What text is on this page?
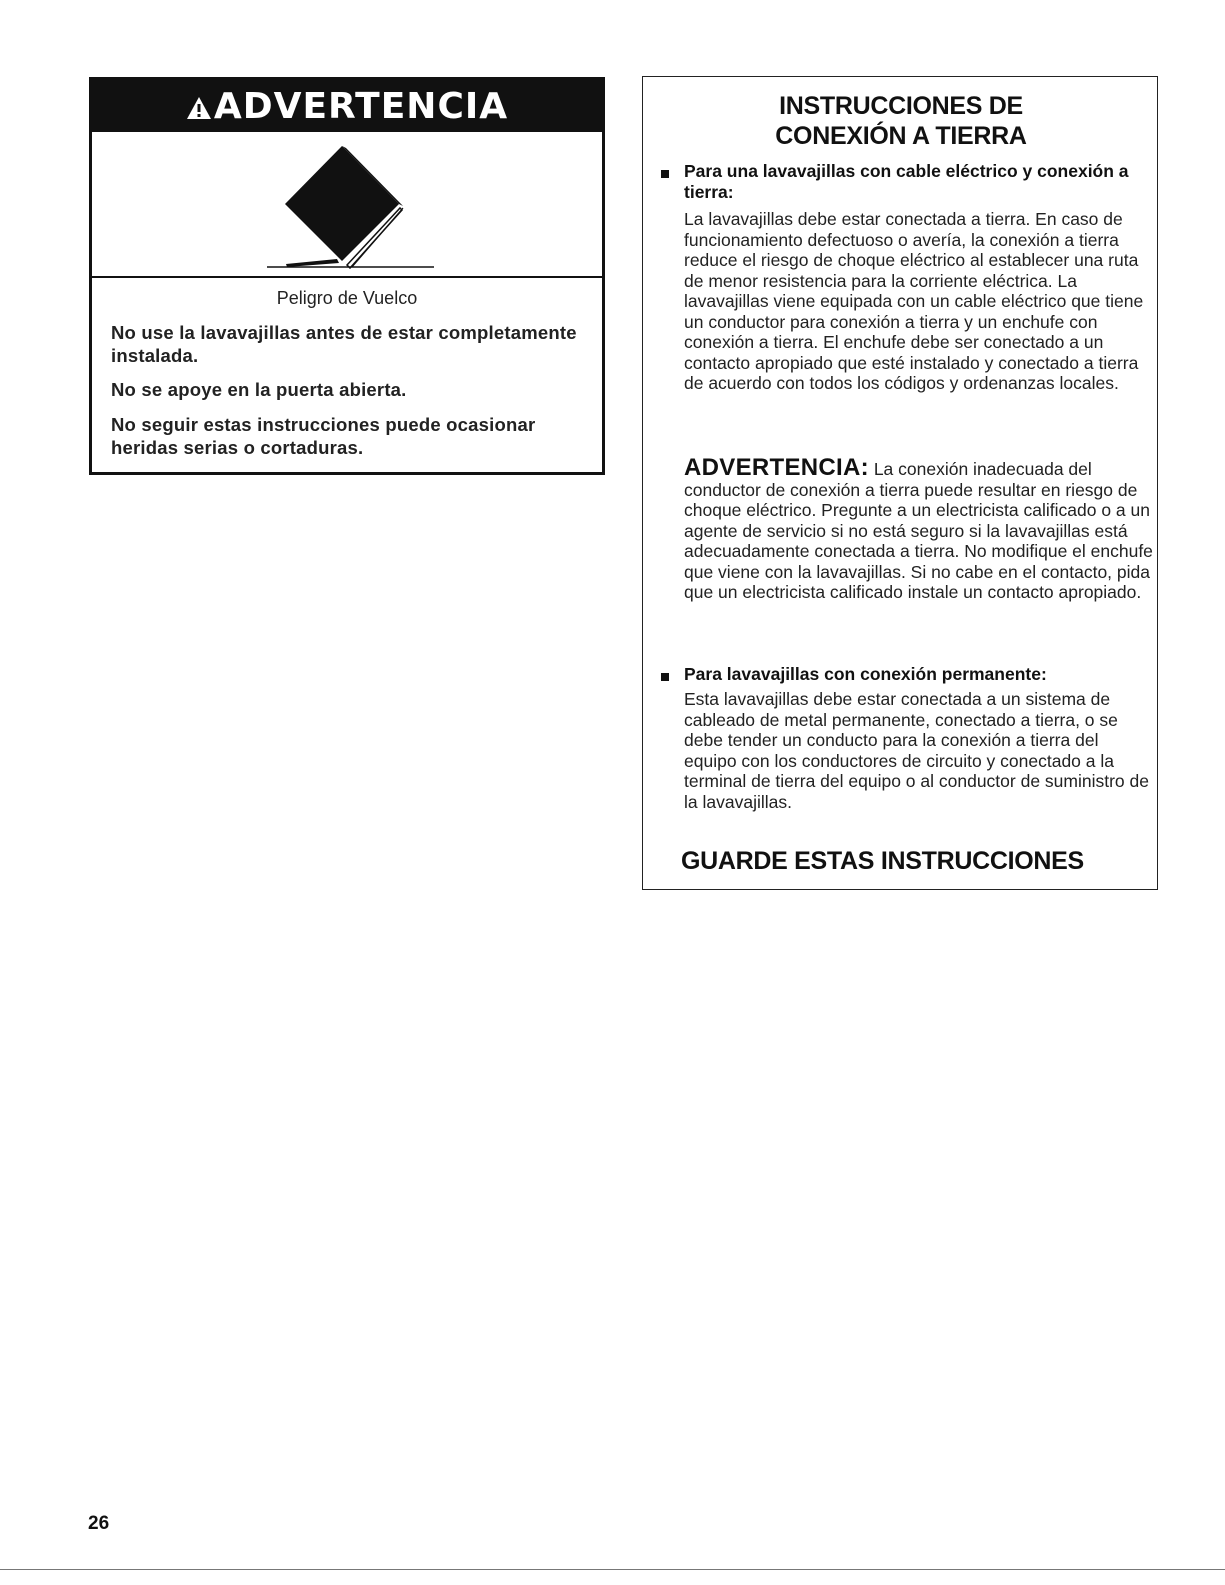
ADVERTENCIA
Peligro de Vuelco

No use la lavavajillas antes de estar completamente instalada.

No se apoye en la puerta abierta.

No seguir estas instrucciones puede ocasionar heridas serias o cortaduras.

INSTRUCCIONES DE CONEXIÓN A TIERRA

Para una lavavajillas con cable eléctrico y conexión a tierra:

La lavavajillas debe estar conectada a tierra. En caso de funcionamiento defectuoso o avería, la conexión a tierra reduce el riesgo de choque eléctrico al establecer una ruta de menor resistencia para la corriente eléctrica. La lavavajillas viene equipada con un cable eléctrico que tiene un conductor para conexión a tierra y un enchufe con conexión a tierra. El enchufe debe ser conectado a un contacto apropiado que esté instalado y conectado a tierra de acuerdo con todos los códigos y ordenanzas locales.

ADVERTENCIA: La conexión inadecuada del conductor de conexión a tierra puede resultar en riesgo de choque eléctrico. Pregunte a un electricista calificado o a un agente de servicio si no está seguro si la lavavajillas está adecuadamente conectada a tierra. No modifique el enchufe que viene con la lavavajillas. Si no cabe en el contacto, pida que un electricista calificado instale un contacto apropiado.

Para lavavajillas con conexión permanente:

Esta lavavajillas debe estar conectada a un sistema de cableado de metal permanente, conectado a tierra, o se debe tender un conducto para la conexión a tierra del equipo con los conductores de circuito y conectado a la terminal de tierra del equipo o al conductor de suministro de la lavavajillas.

GUARDE ESTAS INSTRUCCIONES

26
